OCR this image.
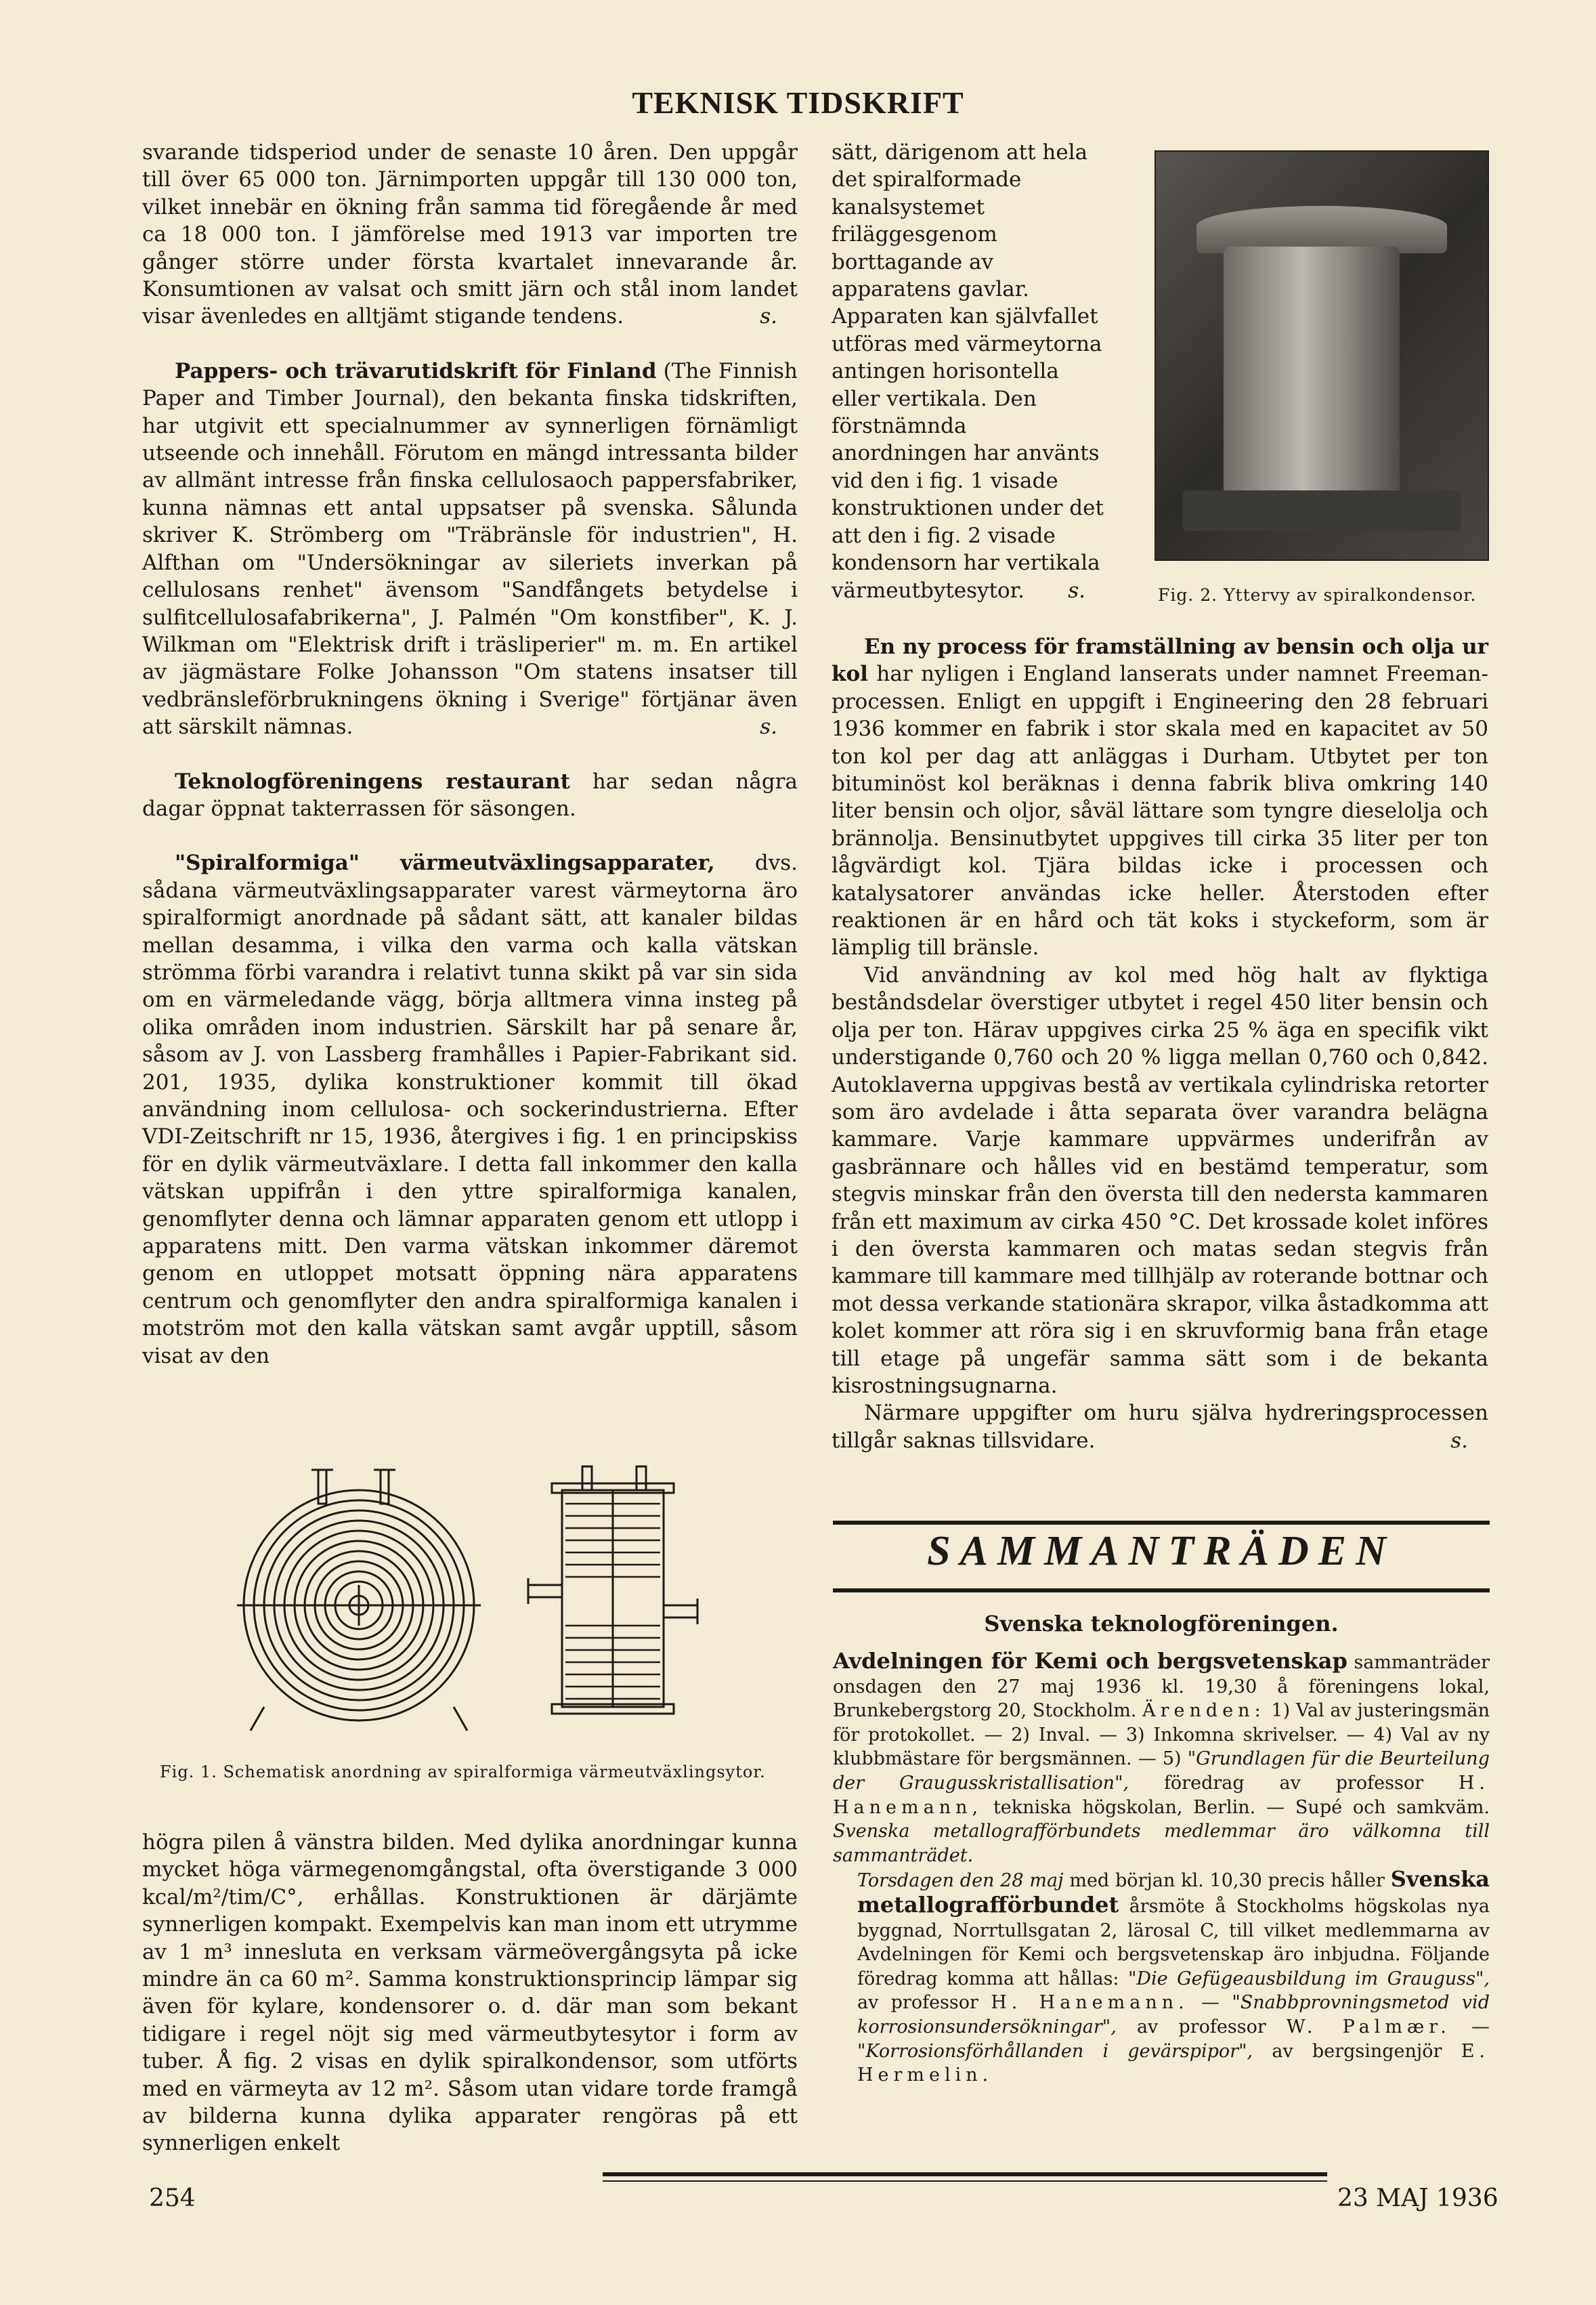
TEKNISK TIDSKRIFT

svarande tidsperiod under de senaste 10 åren. Den uppgår till över 65 000 ton. Järnimporten uppgår till 130 000 ton, vilket innebär en ökning från samma tid föregående år med ca 18 000 ton. I jämförelse med 1913 var importen tre gånger större under första kvartalet innevarande år. Konsumtionen av valsat och smitt järn och stål inom landet visar ävenledes en alltjämt stigande tendens.	s.

Pappers- och trävarutidskrift för Finland (The Finnish Paper and Timber Journal), den bekanta finska tidskriften, har utgivit ett specialnummer av synnerligen förnämligt utseende och innehåll. Förutom en mängd intressanta bilder av allmänt intresse från finska cellulosaoch pappersfabriker, kunna nämnas ett antal uppsatser på svenska. Sålunda skriver K. Strömberg om "Träbränsle för industrien", H. Alfthan om "Undersökningar av sileriets inverkan på cellulosans renhet" ävensom "Sandfångets betydelse i sulfitcellulosafabrikerna", J. Palmén "Om konstfiber", K. J. Wilkman om "Elektrisk drift i träsliperier" m. m. En artikel av jägmästare Folke Johansson "Om statens insatser till vedbränsleförbrukningens ökning i Sverige" förtjänar även att särskilt nämnas.	s.

Teknologföreningens restaurant har sedan några dagar öppnat takterrassen för säsongen.

"Spiralformiga" värmeutväxlingsapparater, dvs. sådana värmeutväxlingsapparater varest värmeytorna äro spiralformigt anordnade på sådant sätt, att kanaler bildas mellan desamma, i vilka den varma och kalla vätskan strömma förbi varandra i relativt tunna skikt på var sin sida om en värmeledande vägg, börja alltmera vinna insteg på olika områden inom industrien. Särskilt har på senare år, såsom av J. von Lassberg framhålles i Papier-Fabrikant sid. 201, 1935, dylika konstruktioner kommit till ökad användning inom cellulosa- och sockerindustrierna. Efter VDI-Zeitschrift nr 15, 1936, återgives i fig. 1 en principskiss för en dylik värmeutväxlare. I detta fall inkommer den kalla vätskan uppifrån i den yttre spiralformiga kanalen, genomflyter denna och lämnar apparaten genom ett utlopp i apparatens mitt. Den varma vätskan inkommer däremot genom en utloppet motsatt öppning nära apparatens centrum och genomflyter den andra spiralformiga kanalen i motström mot den kalla vätskan samt avgår upptill, såsom visat av den

Fig. 1. Schematisk anordning av spiralformiga värmeutväxlingsytor.

högra pilen å vänstra bilden. Med dylika anordningar kunna mycket höga värmegenomgångstal, ofta överstigande 3 000 kcal/m²/tim/C°, erhållas. Konstruktionen är därjämte synnerligen kompakt. Exempelvis kan man inom ett utrymme av 1 m³ innesluta en verksam värmeövergångsyta på icke mindre än ca 60 m². Samma konstruktionsprincip lämpar sig även för kylare, kondensorer o. d. där man som bekant tidigare i regel nöjt sig med värmeutbytesytor i form av tuber. Å fig. 2 visas en dylik spiralkondensor, som utförts med en värmeyta av 12 m². Såsom utan vidare torde framgå av bilderna kunna dylika apparater rengöras på ett synnerligen enkelt

sätt, därigenom att hela det spiralformade kanalsystemet friläggesgenom borttagande av apparatens gavlar. Apparaten kan självfallet utföras med värmeytorna antingen horisontella eller vertikala. Den förstnämnda anordningen har använts vid den i fig. 1 visade konstruktionen under det att den i fig. 2 visade kondensorn har vertikala värmeutbytesytor. s.	Fig. 2. Yttervy av spiralkondensor.

En ny process för framställning av bensin och olja ur kol har nyligen i England lanserats under namnet Freeman-processen. Enligt en uppgift i Engineering den 28 februari 1936 kommer en fabrik i stor skala med en kapacitet av 50 ton kol per dag att anläggas i Durham. Utbytet per ton bituminöst kol beräknas i denna fabrik bliva omkring 140 liter bensin och oljor, såväl lättare som tyngre dieselolja och brännolja. Bensinutbytet uppgives till cirka 35 liter per ton lågvärdigt kol. Tjära bildas icke i processen och katalysatorer användas icke heller. Återstoden efter reaktionen är en hård och tät koks i styckeform, som är lämplig till bränsle.

Vid användning av kol med hög halt av flyktiga beståndsdelar överstiger utbytet i regel 450 liter bensin och olja per ton. Härav uppgives cirka 25 % äga en specifik vikt understigande 0,760 och 20 % ligga mellan 0,760 och 0,842. Autoklaverna uppgivas bestå av vertikala cylindriska retorter som äro avdelade i åtta separata över varandra belägna kammare. Varje kammare uppvärmes underifrån av gasbrännare och hålles vid en bestämd temperatur, som stegvis minskar från den översta till den nedersta kammaren från ett maximum av cirka 450 °C. Det krossade kolet införes i den översta kammaren och matas sedan stegvis från kammare till kammare med tillhjälp av roterande bottnar och mot dessa verkande stationära skrapor, vilka åstadkomma att kolet kommer att röra sig i en skruvformig bana från etage till etage på ungefär samma sätt som i de bekanta kisrostningsugnarna.

Närmare uppgifter om huru själva hydreringsprocessen tillgår saknas tillsvidare.	s.

SAMMANTRÄDEN
Svenska teknologföreningen.

Avdelningen för Kemi och bergsvetenskap sammanträder onsdagen den 27 maj 1936 kl. 19,30 å föreningens lokal, Brunkebergstorg 20, Stockholm. Ärenden: 1) Val av justeringsmän för protokollet. — 2) Inval. — 3) Inkomna skrivelser. — 4) Val av ny klubbmästare för bergsmännen. — 5) "Grundlagen für die Beurteilung der Graugusskristallisation", föredrag av professor H. Hanemann, tekniska högskolan, Berlin. — Supé och samkväm. Svenska metallografförbundets medlemmar äro välkomna till sammanträdet.

Torsdagen den 28 maj med början kl. 10,30 precis håller Svenska metallografförbundet årsmöte å Stockholms högskolas nya byggnad, Norrtullsgatan 2, lärosal C, till vilket medlemmarna av Avdelningen för Kemi och bergsvetenskap äro inbjudna. Följande föredrag komma att hållas: "Die Gefügeausbildung im Grauguss", av professor H. Hanemann. — "Snabbprovningsmetod vid korrosionsundersökningar", av professor W. Palmær. — "Korrosionsförhållanden i gevärspipor", av bergsingenjör E. Hermelin.

254	23 MAJ 1936
